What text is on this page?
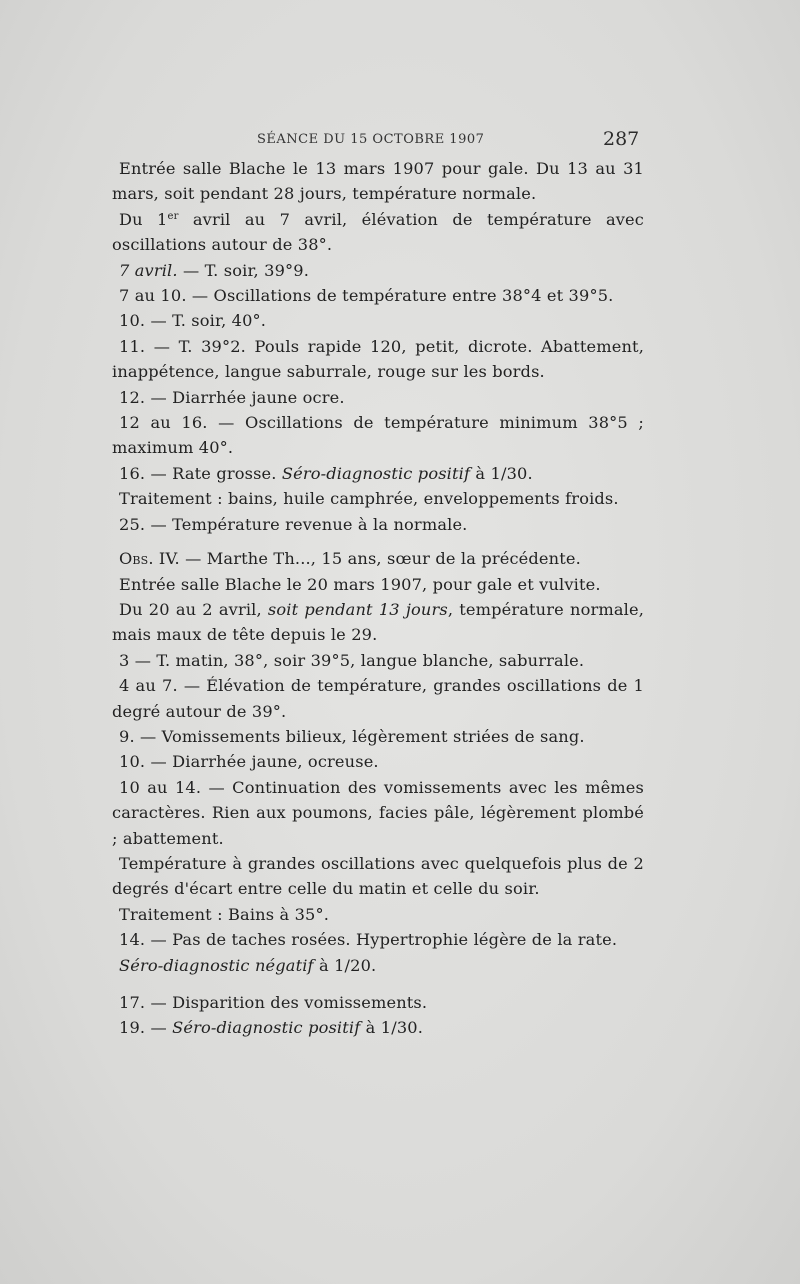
SÉANCE DU 15 OCTOBRE 1907	287

Entrée salle Blache le 13 mars 1907 pour gale. Du 13 au 31 mars, soit pendant 28 jours, température normale.

Du 1er avril au 7 avril, élévation de température avec oscillations autour de 38°.

7 avril. — T. soir, 39°9.

7 au 10. — Oscillations de température entre 38°4 et 39°5.

10. — T. soir, 40°.

11. — T. 39°2. Pouls rapide 120, petit, dicrote. Abattement, inappétence, langue saburrale, rouge sur les bords.

12. — Diarrhée jaune ocre.

12 au 16. — Oscillations de température minimum 38°5 ; maximum 40°.

16. — Rate grosse. Séro-diagnostic positif à 1/30.

Traitement : bains, huile camphrée, enveloppements froids.

25. — Température revenue à la normale.

Obs. IV. — Marthe Th..., 15 ans, sœur de la précédente.

Entrée salle Blache le 20 mars 1907, pour gale et vulvite.

Du 20 au 2 avril, soit pendant 13 jours, température normale, mais maux de tête depuis le 29.

3 — T. matin, 38°, soir 39°5, langue blanche, saburrale.

4 au 7. — Élévation de température, grandes oscillations de 1 degré autour de 39°.

9. — Vomissements bilieux, légèrement striées de sang.

10. — Diarrhée jaune, ocreuse.

10 au 14. — Continuation des vomissements avec les mêmes caractères. Rien aux poumons, facies pâle, légèrement plombé ; abattement.

Température à grandes oscillations avec quelquefois plus de 2 degrés d'écart entre celle du matin et celle du soir.

Traitement : Bains à 35°.

14. — Pas de taches rosées. Hypertrophie légère de la rate.

Séro-diagnostic négatif à 1/20.

17. — Disparition des vomissements.

19. — Séro-diagnostic positif à 1/30.
